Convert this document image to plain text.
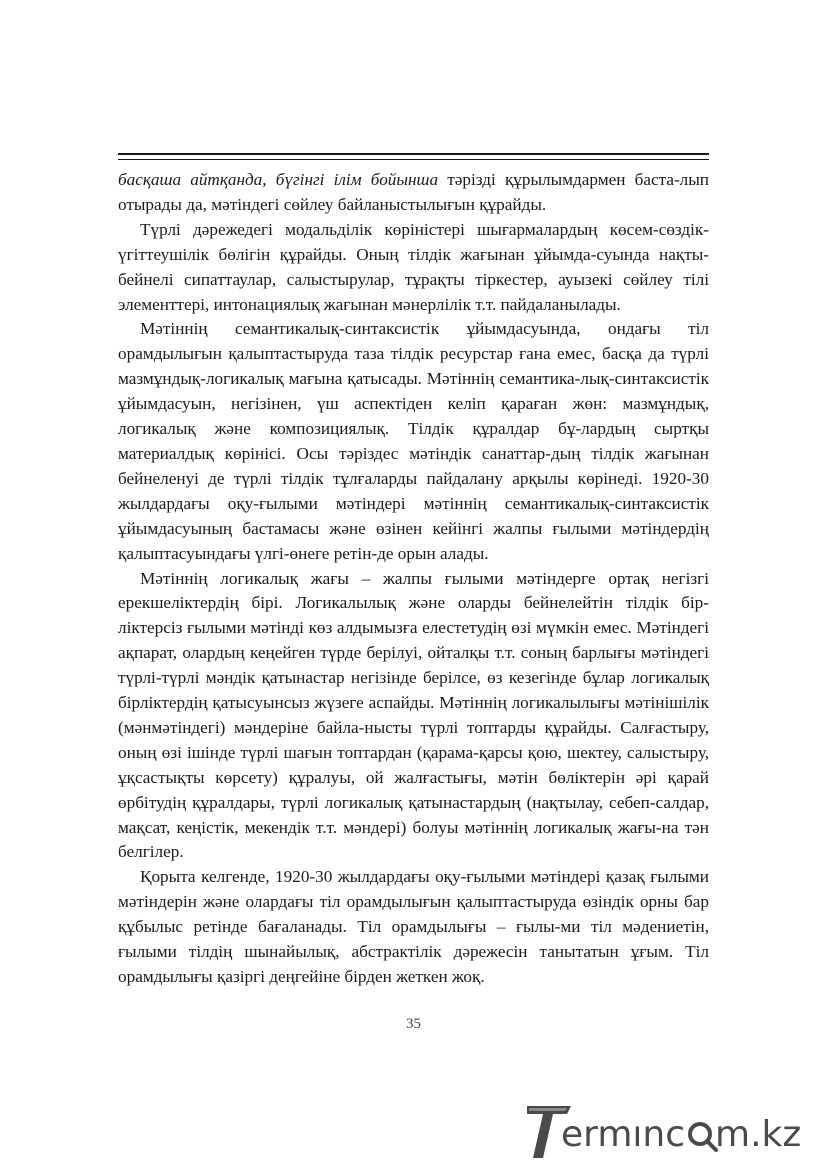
басқаша айтқанда, бүгінгі ілім бойынша тәрізді құрылымдармен баста-лып отырады да, мәтіндегі сөйлеу байланыстылығын құрайды.

Түрлі дәрежедегі модальділік көріністері шығармалардың көсем-сөздік-үгіттеушілік бөлігін құрайды. Оның тілдік жағынан ұйымда-суында нақты-бейнелі сипаттаулар, салыстырулар, тұрақты тіркестер, ауызекі сөйлеу тілі элементтері, интонациялық жағынан мәнерлілік т.т. пайдаланылады.

Мәтіннің семантикалық-синтаксистік ұйымдасуында, ондағы тіл орамдылығын қалыптастыруда таза тілдік ресурстар ғана емес, басқа да түрлі мазмұндық-логикалық мағына қатысады. Мәтіннің семантика-лық-синтаксистік ұйымдасуын, негізінен, үш аспектіден келіп қараған жөн: мазмұндық, логикалық және композициялық. Тілдік құралдар бұ-лардың сыртқы материалдық көрінісі. Осы тәріздес мәтіндік санаттар-дың тілдік жағынан бейнеленуі де түрлі тілдік тұлғаларды пайдалану арқылы көрінеді. 1920-30 жылдардағы оқу-ғылыми мәтіндері мәтіннің семантикалық-синтаксистік ұйымдасуының бастамасы және өзінен кейінгі жалпы ғылыми мәтіндердің қалыптасуындағы үлгі-өнеге ретін-де орын алады.

Мәтіннің логикалық жағы – жалпы ғылыми мәтіндерге ортақ негізгі ерекшеліктердің бірі. Логикалылық және оларды бейнелейтін тілдік бір-ліктерсіз ғылыми мәтінді көз алдымызға елестетудің өзі мүмкін емес. Мәтіндегі ақпарат, олардың кеңейген түрде берілуі, ойталқы т.т. соның барлығы мәтіндегі түрлі-түрлі мәндік қатынастар негізінде берілсе, өз кезегінде бұлар логикалық бірліктердің қатысуынсыз жүзеге аспайды. Мәтіннің логикалылығы мәтінішілік (мәнмәтіндегі) мәндеріне байла-нысты түрлі топтарды құрайды. Салғастыру, оның өзі ішінде түрлі шағын топтардан (қарама-қарсы қою, шектеу, салыстыру, ұқсастықты көрсету) құралуы, ой жалғастығы, мәтін бөліктерін әрі қарай өрбітудің құралдары, түрлі логикалық қатынастардың (нақтылау, себеп-салдар, мақсат, кеңістік, мекендік т.т. мәндері) болуы мәтіннің логикалық жағы-на тән белгілер.

Қорыта келгенде, 1920-30 жылдардағы оқу-ғылыми мәтіндері қазақ ғылыми мәтіндерін және олардағы тіл орамдылығын қалыптастыруда өзіндік орны бар құбылыс ретінде бағаланады. Тіл орамдылығы – ғылы-ми тіл мәдениетін, ғылыми тілдің шынайылық, абстрактілік дәрежесін танытатын ұғым. Тіл орамдылығы қазіргі деңгейіне бірден жеткен жоқ.

35
ermınc m.kz
